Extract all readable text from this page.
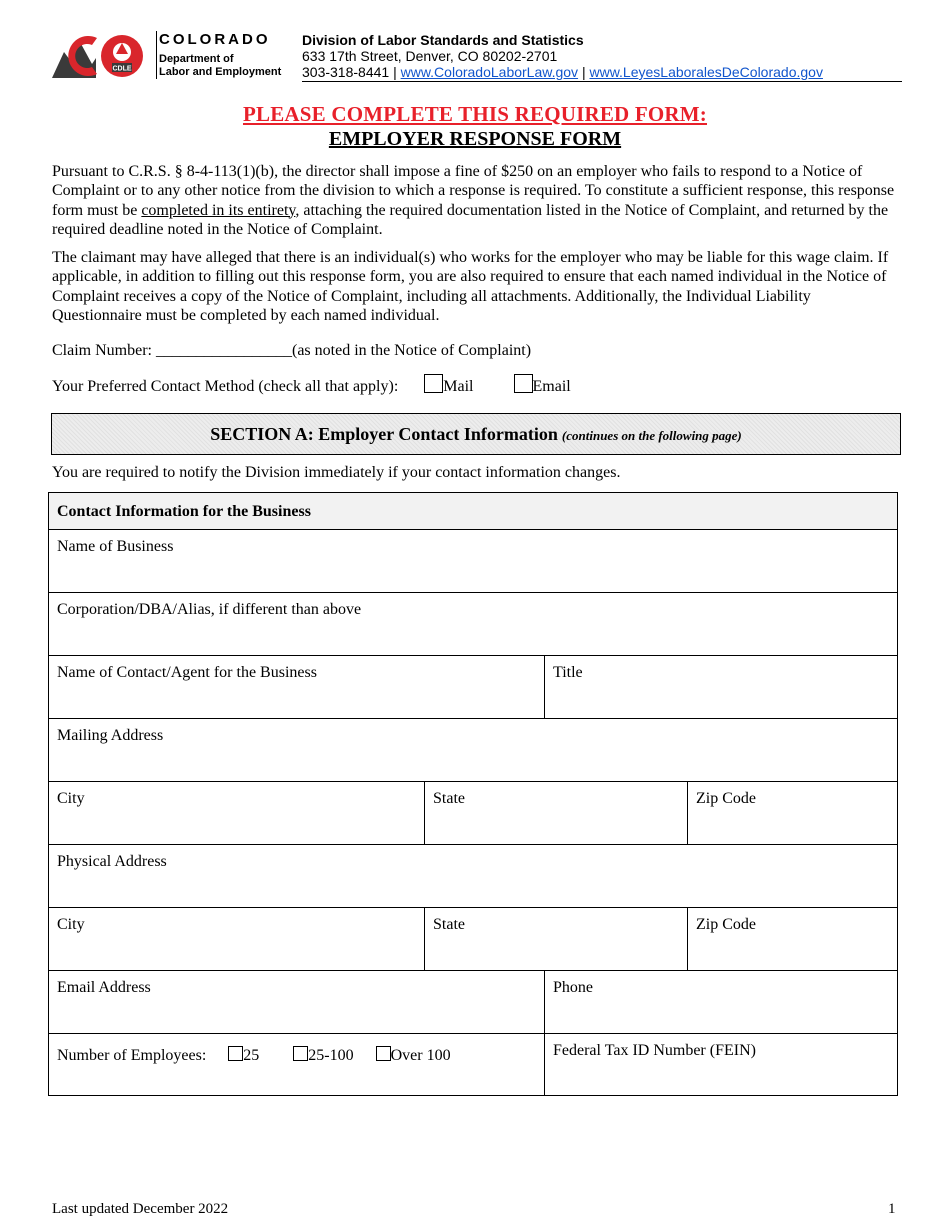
CDLE
COLORADO
Department of
Labor and Employment
Division of Labor Standards and Statistics
633 17th Street, Denver, CO 80202-2701
303-318-8441 | www.ColoradoLaborLaw.gov | www.LeyesLaboralesDeColorado.gov
PLEASE COMPLETE THIS REQUIRED FORM:
EMPLOYER RESPONSE FORM
Pursuant to C.R.S. § 8-4-113(1)(b), the director shall impose a fine of $250 on an employer who fails to respond to a Notice of Complaint or to any other notice from the division to which a response is required. To constitute a sufficient response, this response form must be completed in its entirety, attaching the required documentation listed in the Notice of Complaint, and returned by the required deadline noted in the Notice of Complaint.
The claimant may have alleged that there is an individual(s) who works for the employer who may be liable for this wage claim. If applicable, in addition to filling out this response form, you are also required to ensure that each named individual in the Notice of Complaint receives a copy of the Notice of Complaint, including all attachments. Additionally, the Individual Liability Questionnaire must be completed by each named individual.
Claim Number: _________________(as noted in the Notice of Complaint)
Your Preferred Contact Method (check all that apply):	Mail	Email
SECTION A: Employer Contact Information (continues on the following page)
You are required to notify the Division immediately if your contact information changes.
Contact Information for the Business
Name of Business
Corporation/DBA/Alias, if different than above
Name of Contact/Agent for the Business	Title
Mailing Address
City	State	Zip Code
Physical Address
City	State	Zip Code
Email Address	Phone
Number of Employees: 25	25-100 Over 100	Federal Tax ID Number (FEIN)
Last updated December 2022	1
